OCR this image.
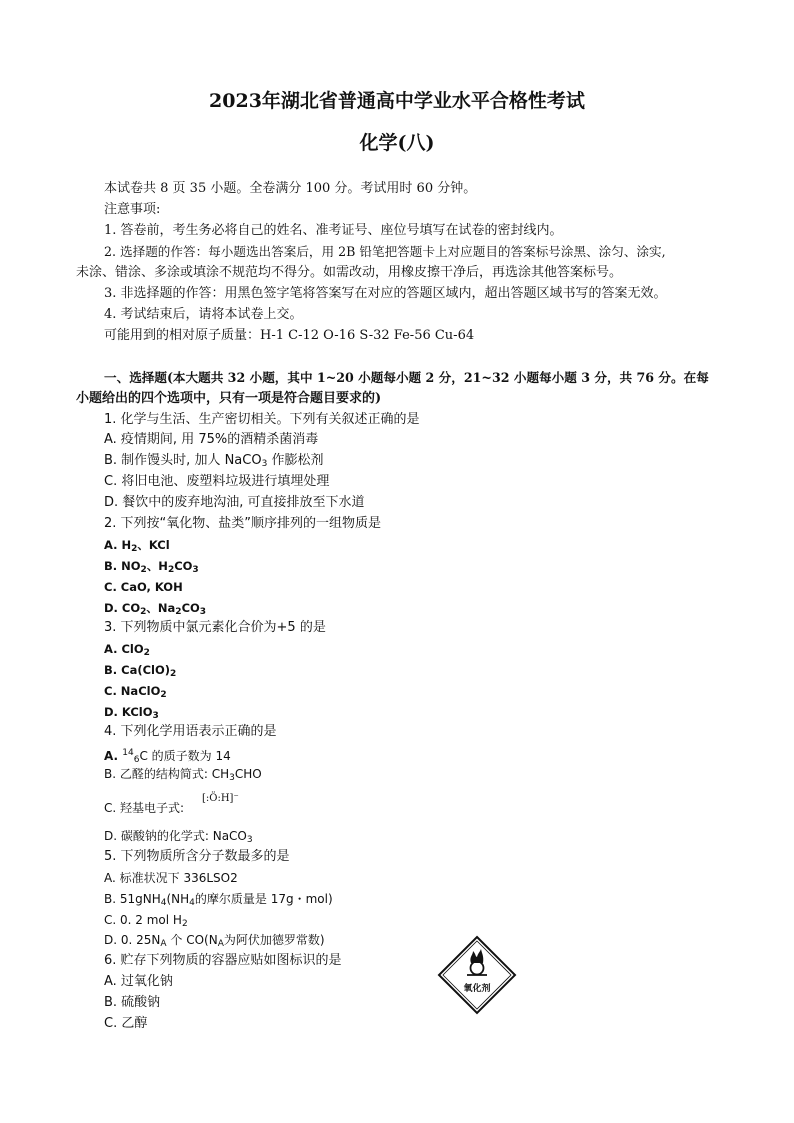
2023年湖北省普通高中学业水平合格性考试
化学(八)
本试卷共 8 页 35 小题。全卷满分 100 分。考试用时 60 分钟。
注意事项:
1. 答卷前，考生务必将自己的姓名、准考证号、座位号填写在试卷的密封线内。
2. 选择题的作答：每小题选出答案后，用 2B 铅笔把答题卡上对应题目的答案标号涂黑、涂匀、涂实,
未涂、错涂、多涂或填涂不规范均不得分。如需改动，用橡皮擦干净后，再选涂其他答案标号。
3. 非选择题的作答：用黑色签字笔将答案写在对应的答题区域内，超出答题区域书写的答案无效。
4. 考试结束后，请将本试卷上交。
可能用到的相对原子质量：H-1 C-12 O-16 S-32 Fe-56 Cu-64
一、选择题(本大题共 32 小题，其中 1~20 小题每小题 2 分，21~32 小题每小题 3 分，共 76 分。在每
小题给出的四个选项中，只有一项是符合题目要求的)
1. 化学与生活、生产密切相关。下列有关叙述正确的是
A. 疫情期间, 用 75%的酒精杀菌消毒
B. 制作馒头时, 加人 NaCO$_3$ 作膨松剂
C. 将旧电池、废塑料垃圾进行填埋处理
D. 餐饮中的废弃地沟油, 可直接排放至下水道
2. 下列按“氧化物、盐类”顺序排列的一组物质是
A. $H_2$、KCl
B. $NO_2$、$H_2CO_3$
C. CaO, KOH
D. $CO_2$、$Na_2CO_3$
3. 下列物质中氯元素化合价为+5 的是
A. ClO$_2$
B. $Ca(ClO)_2$
C. NaClO$_2$
D. KClO$_3$
4. 下列化学用语表示正确的是
A. $^{14}_6$C 的质子数为 14
B. 乙醛的结构简式: $CH_3CHO$
C. 羟基电子式:
[:Ö:H]⁻
D. 碳酸钠的化学式: NaCO$_3$
5. 下列物质所含分子数最多的是
A. 标准状况下 336LSO2
B. $51gNH_4(NH_4$的摩尔质量是 17g・mol)
C. 0. 2 mol $H_2$
D. 0. $25N_A$ 个 $CO(N_A$为阿伏加德罗常数)
6. 贮存下列物质的容器应贴如图标识的是
A. 过氧化钠
B. 硫酸钠
C. 乙醇
氧化剂
